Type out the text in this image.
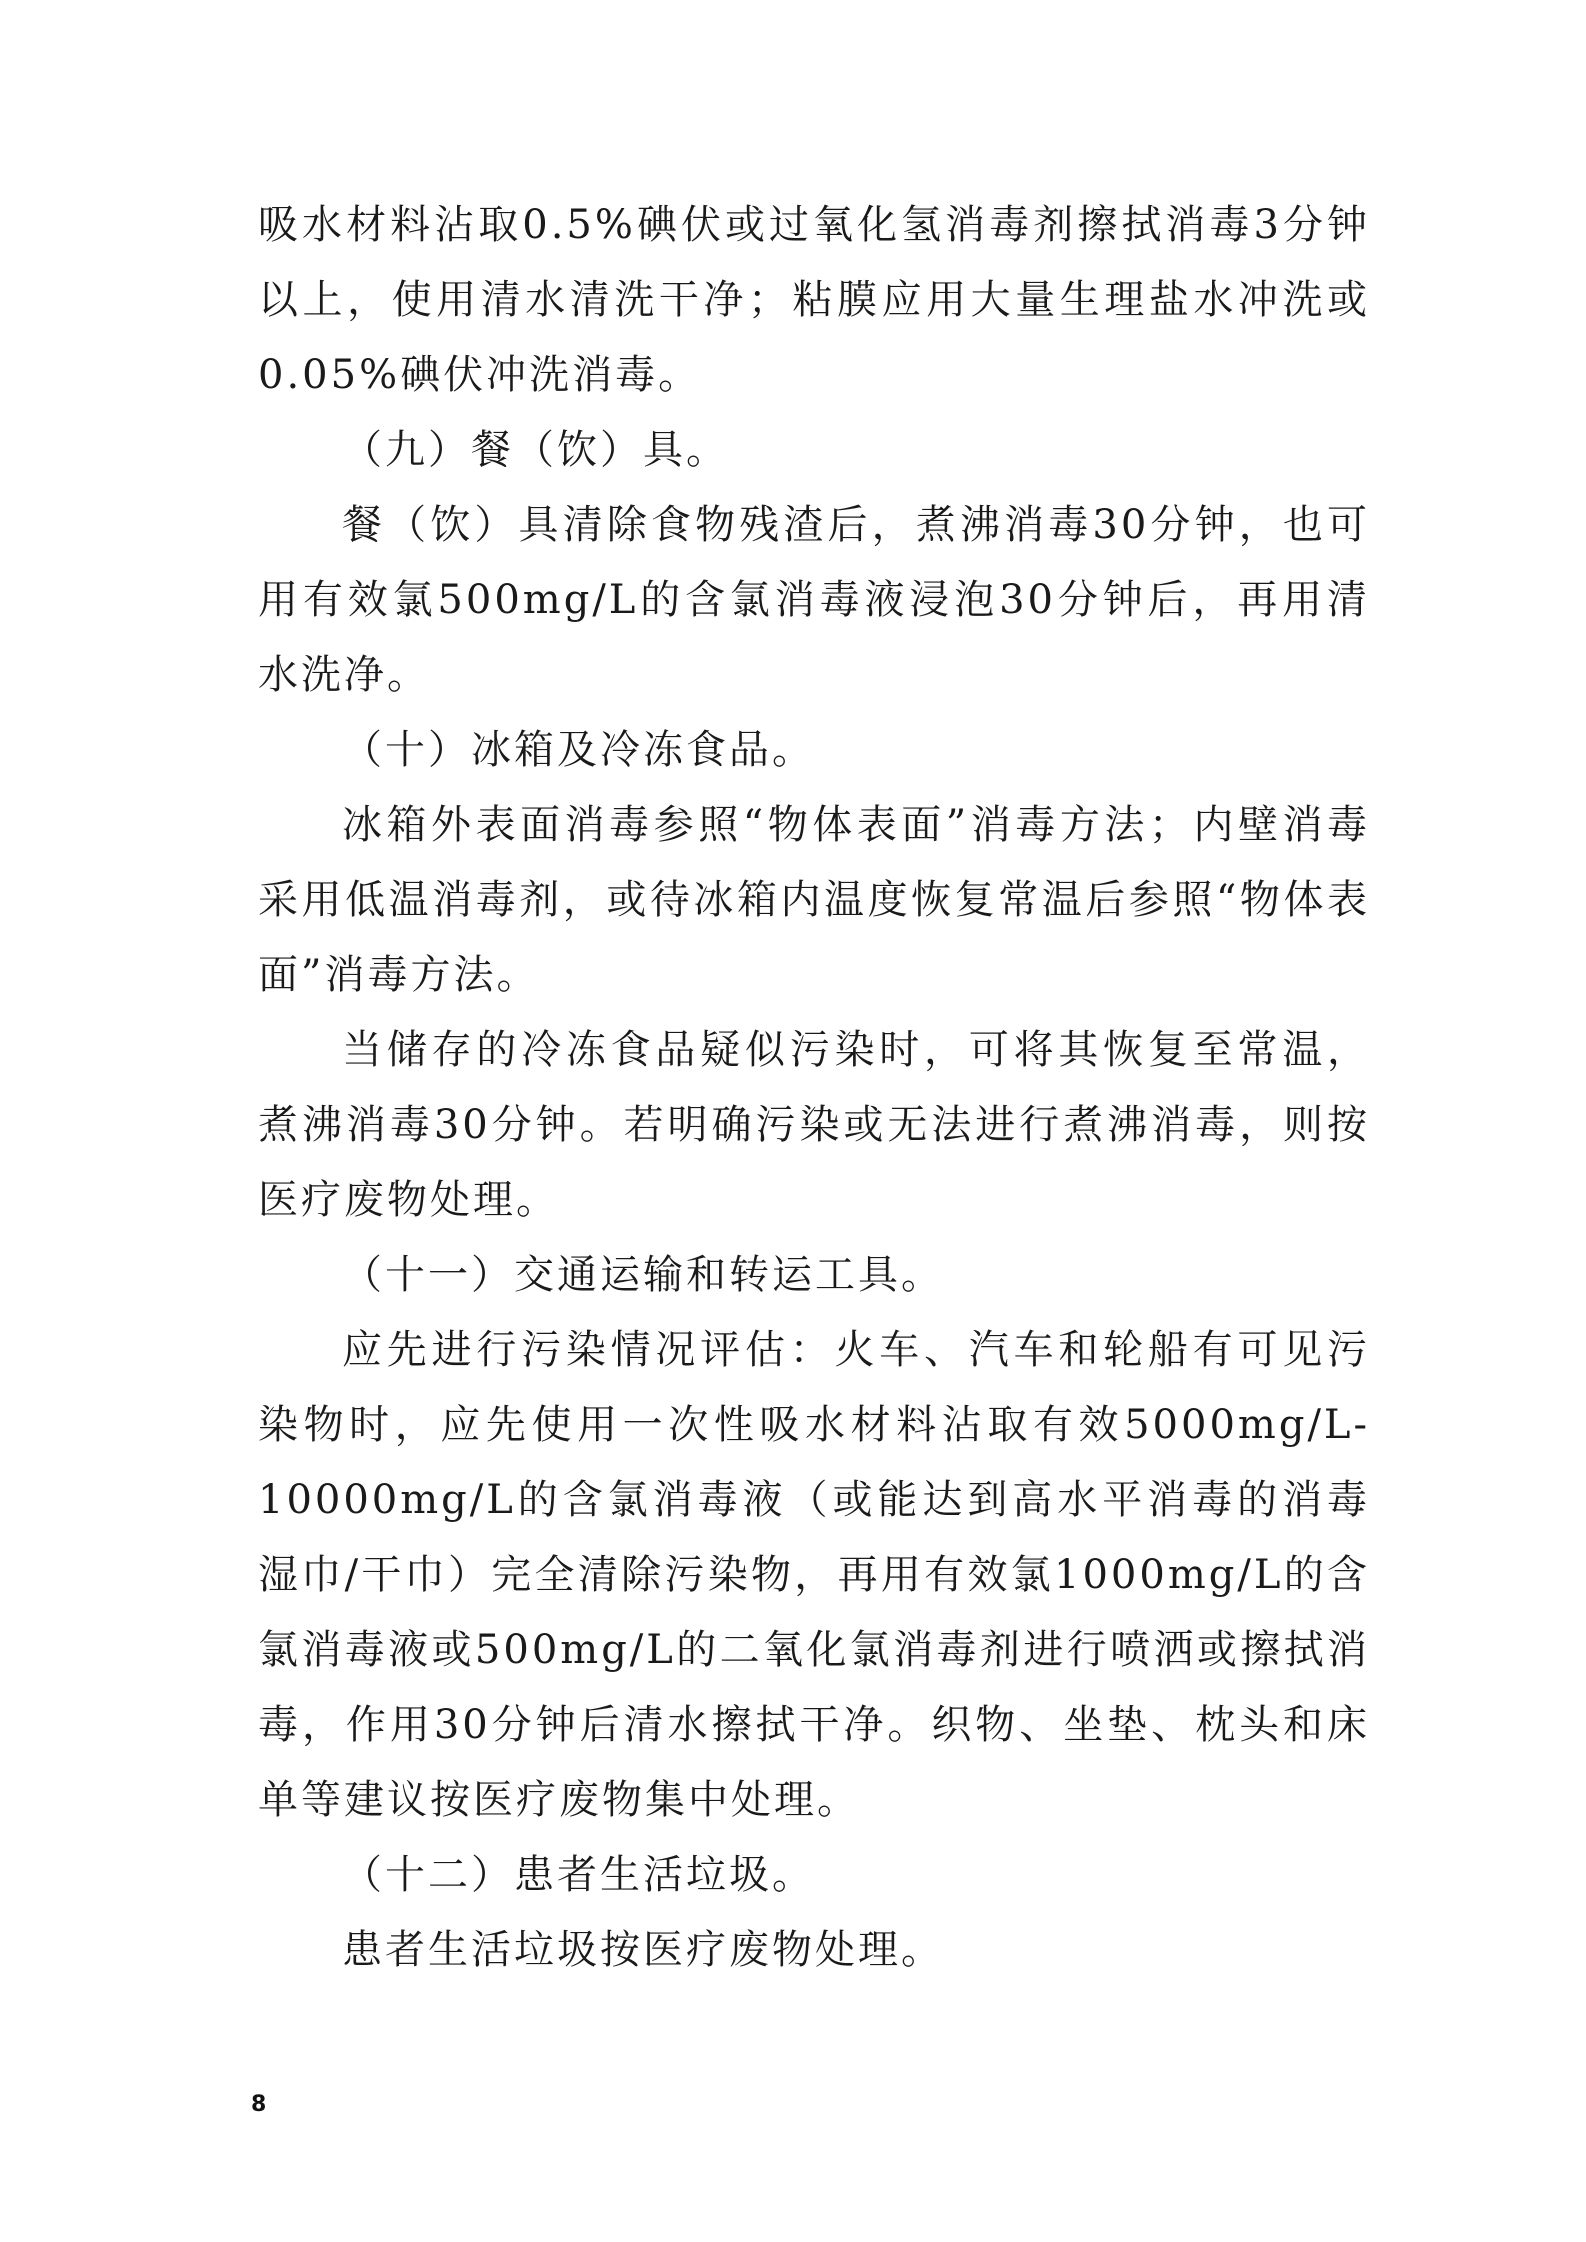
吸水材料沾取0.5%碘伏或过氧化氢消毒剂擦拭消毒3分钟以上，使用清水清洗干净；粘膜应用大量生理盐水冲洗或0.05%碘伏冲洗消毒。

（九）餐（饮）具。

餐（饮）具清除食物残渣后，煮沸消毒30分钟，也可用有效氯500mg/L的含氯消毒液浸泡30分钟后，再用清水洗净。

（十）冰箱及冷冻食品。

冰箱外表面消毒参照“物体表面”消毒方法；内壁消毒采用低温消毒剂，或待冰箱内温度恢复常温后参照“物体表面”消毒方法。

当储存的冷冻食品疑似污染时，可将其恢复至常温，煮沸消毒30分钟。若明确污染或无法进行煮沸消毒，则按医疗废物处理。

（十一）交通运输和转运工具。

应先进行污染情况评估：火车、汽车和轮船有可见污染物时，应先使用一次性吸水材料沾取有效5000mg/L-10000mg/L的含氯消毒液（或能达到高水平消毒的消毒湿巾/干巾）完全清除污染物，再用有效氯1000mg/L的含氯消毒液或500mg/L的二氧化氯消毒剂进行喷洒或擦拭消毒，作用30分钟后清水擦拭干净。织物、坐垫、枕头和床单等建议按医疗废物集中处理。

（十二）患者生活垃圾。

患者生活垃圾按医疗废物处理。

8
